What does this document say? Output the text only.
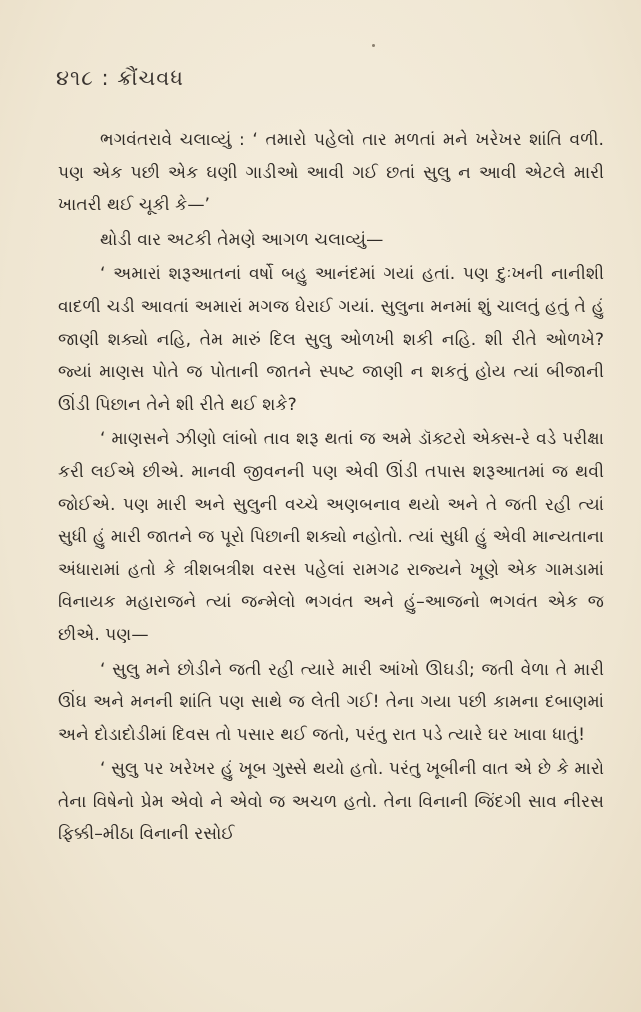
૪૧૮ : ક્રૌંચવધ

ભગવંતરાવે ચલાવ્યું : ‘ તમારો પહેલો તાર મળતાં મને ખરેખર શાંતિ વળી. પણ એક પછી એક ઘણી ગાડીઓ આવી ગઈ છતાં સુલુ ન આવી એટલે મારી ખાતરી થઈ ચૂકી કે—’

થોડી વાર અટકી તેમણે આગળ ચલાવ્યું—

‘ અમારાં શરૂઆતનાં વર્ષો બહુ આનંદમાં ગયાં હતાં. પણ દુઃખની નાનીશી વાદળી ચડી આવતાં અમારાં મગજ ઘેરાઈ ગયાં. સુલુના મનમાં શું ચાલતું હતું તે હું જાણી શક્યો નહિ, તેમ મારું દિલ સુલુ ઓળખી શકી નહિ. શી રીતે ઓળખે? જ્યાં માણસ પોતે જ પોતાની જાતને સ્પષ્ટ જાણી ન શકતું હોય ત્યાં બીજાની ઊંડી પિછાન તેને શી રીતે થઈ શકે?

‘ માણસને ઝીણો લાંબો તાવ શરૂ થતાં જ અમે ડૉક્ટરો એક્સ-રે વડે પરીક્ષા કરી લઈએ છીએ. માનવી જીવનની પણ એવી ઊંડી તપાસ શરૂઆતમાં જ થવી જોઈએ. પણ મારી અને સુલુની વચ્ચે અણબનાવ થયો અને તે જતી રહી ત્યાં સુધી હું મારી જાતને જ પૂરો પિછાની શક્યો નહોતો. ત્યાં સુધી હું એવી માન્યતાના અંધારામાં હતો કે ત્રીશબત્રીશ વરસ પહેલાં રામગઢ રાજ્યને ખૂણે એક ગામડામાં વિનાયક મહારાજને ત્યાં જન્મેલો ભગવંત અને હું–આજનો ભગવંત એક જ છીએ. પણ—

‘ સુલુ મને છોડીને જતી રહી ત્યારે મારી આંખો ઊઘડી; જતી વેળા તે મારી ઊંઘ અને મનની શાંતિ પણ સાથે જ લેતી ગઈ! તેના ગયા પછી કામના દબાણમાં અને દોડાદોડીમાં દિવસ તો પસાર થઈ જતો, પરંતુ રાત પડે ત્યારે ઘર ખાવા ધાતું!

‘ સુલુ પર ખરેખર હું ખૂબ ગુસ્સે થયો હતો. પરંતુ ખૂબીની વાત એ છે કે મારો તેના વિષેનો પ્રેમ એવો ને એવો જ અચળ હતો. તેના વિનાની જિંદગી સાવ નીરસ ફિક્કી–મીઠા વિનાની રસોઈ
